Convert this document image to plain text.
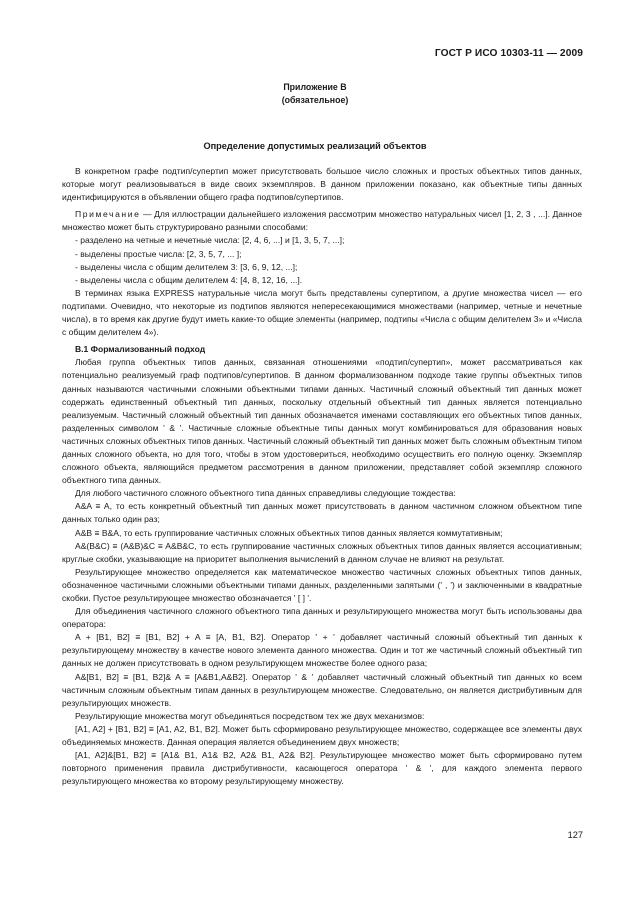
ГОСТ Р ИСО 10303-11 — 2009
Приложение В
(обязательное)
Определение допустимых реализаций объектов

В конкретном графе подтип/супертип может присутствовать большое число сложных и простых объектных типов данных, которые могут реализовываться в виде своих экземпляров. В данном приложении показано, как объектные типы данных идентифицируются в объявлении общего графа подтипов/супертипов.

Примечание — Для иллюстрации дальнейшего изложения рассмотрим множество натуральных чисел [1, 2, 3 , ...]. Данное множество может быть структурировано разными способами:

- разделено на четные и нечетные числа: [2, 4, 6, ...] и [1, 3, 5, 7, ...];

- выделены простые числа: [2, 3, 5, 7, ... ];

- выделены числа с общим делителем 3: [3, 6, 9, 12, ...];

- выделены числа с общим делителем 4: [4, 8, 12, 16, ...].

В терминах языка EXPRESS натуральные числа могут быть представлены супертипом, а другие множества чисел — его подтипами. Очевидно, что некоторые из подтипов являются непересекающимися множествами (например, четные и нечетные числа), в то время как другие будут иметь какие-то общие элементы (например, подтипы «Числа с общим делителем 3» и «Числа с общим делителем 4»).

В.1 Формализованный подход

Любая группа объектных типов данных, связанная отношениями «подтип/супертип», может рассматриваться как потенциально реализуемый граф подтипов/супертипов. В данном формализованном подходе такие группы объектных типов данных называются частичными сложными объектными типами данных. Частичный сложный объектный тип данных может содержать единственный объектный тип данных, поскольку отдельный объектный тип данных является потенциально реализуемым. Частичный сложный объектный тип данных обозначается именами составляющих его объектных типов данных, разделенных символом ' & '. Частичные сложные объектные типы данных могут комбинироваться для образования новых частичных сложных объектных типов данных. Частичный сложный объектный тип данных может быть сложным объектным типом данных сложного объекта, но для того, чтобы в этом удостовериться, необходимо осуществить его полную оценку. Экземпляр сложного объекта, являющийся предметом рассмотрения в данном приложении, представляет собой экземпляр сложного объектного типа данных.

Для любого частичного сложного объектного типа данных справедливы следующие тождества:

A&A ≡ A, то есть конкретный объектный тип данных может присутствовать в данном частичном сложном объектном типе данных только один раз;

A&B ≡ B&A, то есть группирование частичных сложных объектных типов данных является коммутативным;

A&(B&C) ≡ (A&B)&C ≡ A&B&C, то есть группирование частичных сложных объектных типов данных является ассоциативным; круглые скобки, указывающие на приоритет выполнения вычислений в данном случае не влияют на результат.

Результирующее множество определяется как математическое множество частичных сложных объектных типов данных, обозначенное частичными сложными объектными типами данных, разделенными запятыми (' , ') и заключенными в квадратные скобки. Пустое результирующее множество обозначается ' [ ] '.

Для объединения частичного сложного объектного типа данных и результирующего множества могут быть использованы два оператора:

A + [B1, B2] ≡ [B1, B2] + A ≡ [A, B1, B2]. Оператор ' + ' добавляет частичный сложный объектный тип данных к результирующему множеству в качестве нового элемента данного множества. Один и тот же частичный сложный объектный тип данных не должен присутствовать в одном результирующем множестве более одного раза;

A&[B1, B2] ≡ [B1, B2]& A ≡ [A&B1,A&B2]. Оператор ' & ' добавляет частичный сложный объектный тип данных ко всем частичным сложным объектным типам данных в результирующем множестве. Следовательно, он является дистрибутивным для результирующих множеств.

Результирующие множества могут объединяться посредством тех же двух механизмов:

[A1, A2] + [B1, B2] ≡ [A1, A2, B1, B2]. Может быть сформировано результирующее множество, содержащее все элементы двух объединяемых множеств. Данная операция является объединением двух множеств;

[A1, A2]&[B1, B2] ≡ [A1& B1, A1& B2, A2& B1, A2& B2]. Результирующее множество может быть сформировано путем повторного применения правила дистрибутивности, касающегося оператора ' & ', для каждого элемента первого результирующего множества ко второму результирующему множеству.

127
